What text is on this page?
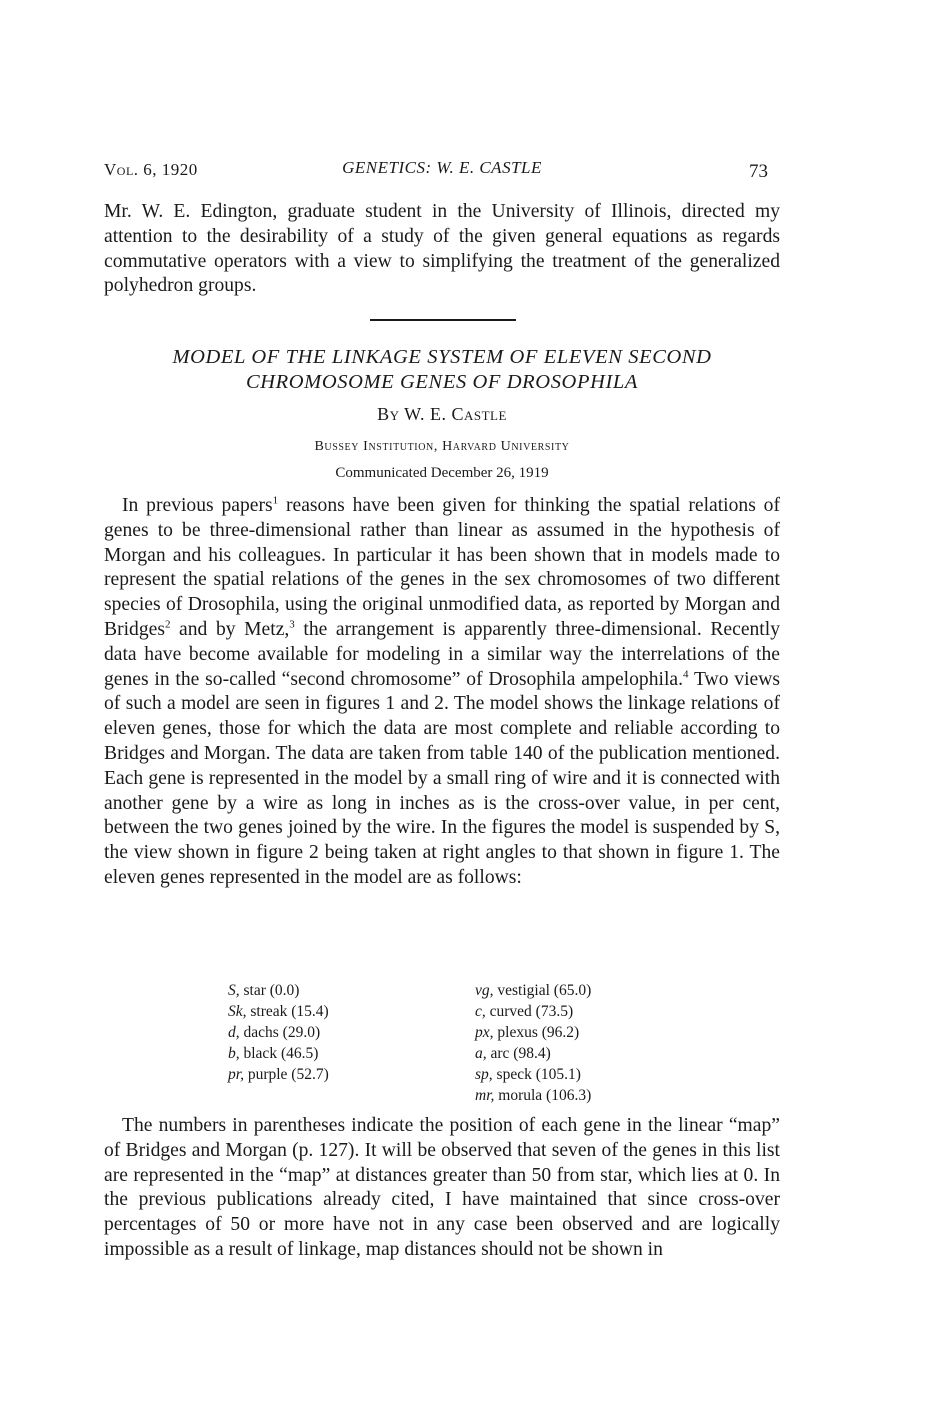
Vol. 6, 1920	GENETICS: W. E. CASTLE	73

Mr. W. E. Edington, graduate student in the University of Illinois, directed my attention to the desirability of a study of the given general equations as regards commutative operators with a view to simplifying the treatment of the generalized polyhedron groups.

MODEL OF THE LINKAGE SYSTEM OF ELEVEN SECOND
CHROMOSOME GENES OF DROSOPHILA
By W. E. Castle
Bussey Institution, Harvard University
Communicated December 26, 1919

In previous papers$^1$ reasons have been given for thinking the spatial relations of genes to be three-dimensional rather than linear as assumed in the hypothesis of Morgan and his colleagues. In particular it has been shown that in models made to represent the spatial relations of the genes in the sex chromosomes of two different species of Drosophila, using the original unmodified data, as reported by Morgan and Bridges$^2$ and by Metz,$^3$ the arrangement is apparently three-dimensional. Recently data have become available for modeling in a similar way the interrelations of the genes in the so-called “second chromosome” of Drosophila ampelophila.$^4$ Two views of such a model are seen in figures 1 and 2. The model shows the linkage relations of eleven genes, those for which the data are most complete and reliable according to Bridges and Morgan. The data are taken from table 140 of the publication mentioned. Each gene is represented in the model by a small ring of wire and it is connected with another gene by a wire as long in inches as is the cross-over value, in per cent, between the two genes joined by the wire. In the figures the model is suspended by S, the view shown in figure 2 being taken at right angles to that shown in figure 1. The eleven genes represented in the model are as follows:

S, star (0.0)
Sk, streak (15.4)
d, dachs (29.0)
b, black (46.5)
pr, purple (52.7)
vg, vestigial (65.0)
c, curved (73.5)
px, plexus (96.2)
a, arc (98.4)
sp, speck (105.1)
mr, morula (106.3)

The numbers in parentheses indicate the position of each gene in the linear “map” of Bridges and Morgan (p. 127). It will be observed that seven of the genes in this list are represented in the “map” at distances greater than 50 from star, which lies at 0. In the previous publications already cited, I have maintained that since cross-over percentages of 50 or more have not in any case been observed and are logically impossible as a result of linkage, map distances should not be shown in
